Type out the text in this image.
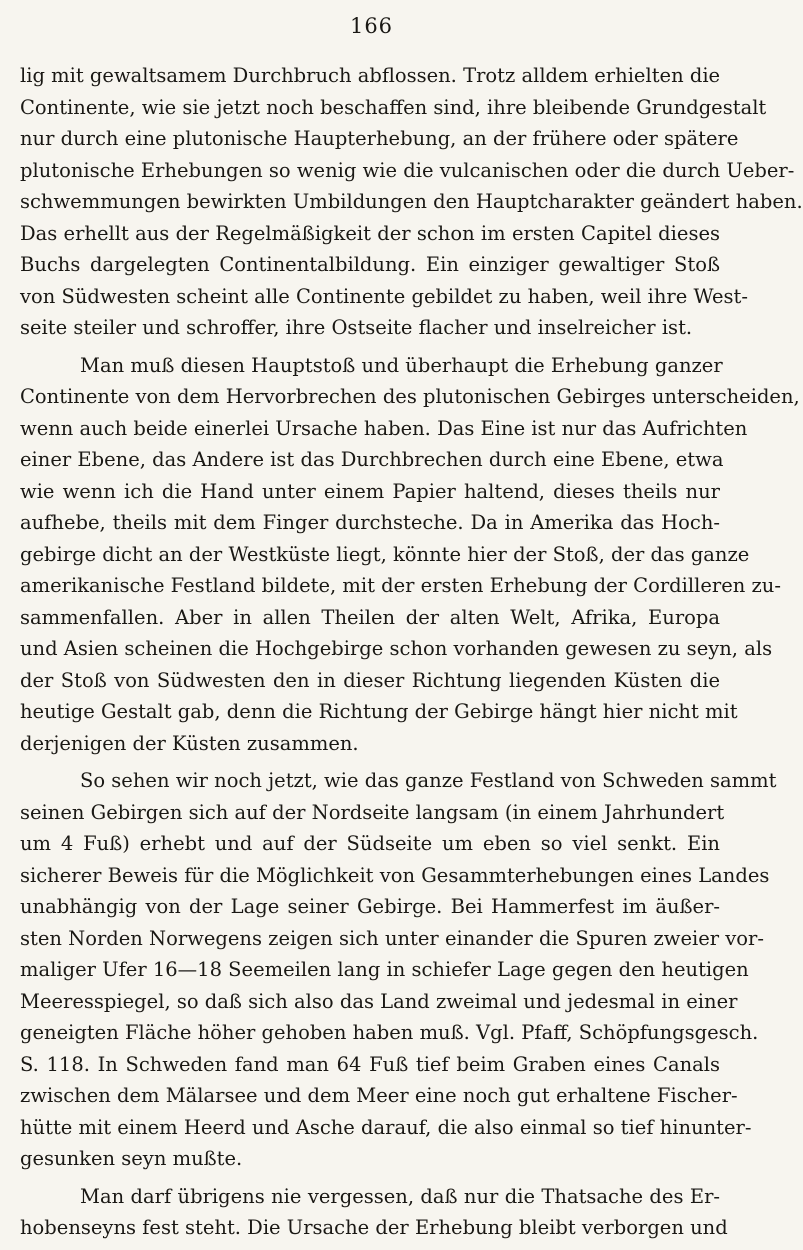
166
lig mit gewaltsamem Durchbruch abflossen. Trotz alldem erhielten die
Continente, wie sie jetzt noch beschaffen sind, ihre bleibende Grundgestalt
nur durch eine plutonische Haupterhebung, an der frühere oder spätere
plutonische Erhebungen so wenig wie die vulcanischen oder die durch Ueber-
schwemmungen bewirkten Umbildungen den Hauptcharakter geändert haben.
Das erhellt aus der Regelmäßigkeit der schon im ersten Capitel dieses
Buchs dargelegten Continentalbildung. Ein einziger gewaltiger Stoß
von Südwesten scheint alle Continente gebildet zu haben, weil ihre West-
seite steiler und schroffer, ihre Ostseite flacher und inselreicher ist.
Man muß diesen Hauptstoß und überhaupt die Erhebung ganzer
Continente von dem Hervorbrechen des plutonischen Gebirges unterscheiden,
wenn auch beide einerlei Ursache haben. Das Eine ist nur das Aufrichten
einer Ebene, das Andere ist das Durchbrechen durch eine Ebene, etwa
wie wenn ich die Hand unter einem Papier haltend, dieses theils nur
aufhebe, theils mit dem Finger durchsteche. Da in Amerika das Hoch-
gebirge dicht an der Westküste liegt, könnte hier der Stoß, der das ganze
amerikanische Festland bildete, mit der ersten Erhebung der Cordilleren zu-
sammenfallen. Aber in allen Theilen der alten Welt, Afrika, Europa
und Asien scheinen die Hochgebirge schon vorhanden gewesen zu seyn, als
der Stoß von Südwesten den in dieser Richtung liegenden Küsten die
heutige Gestalt gab, denn die Richtung der Gebirge hängt hier nicht mit
derjenigen der Küsten zusammen.
So sehen wir noch jetzt, wie das ganze Festland von Schweden sammt
seinen Gebirgen sich auf der Nordseite langsam (in einem Jahrhundert
um 4 Fuß) erhebt und auf der Südseite um eben so viel senkt. Ein
sicherer Beweis für die Möglichkeit von Gesammterhebungen eines Landes
unabhängig von der Lage seiner Gebirge. Bei Hammerfest im äußer-
sten Norden Norwegens zeigen sich unter einander die Spuren zweier vor-
maliger Ufer 16—18 Seemeilen lang in schiefer Lage gegen den heutigen
Meeresspiegel, so daß sich also das Land zweimal und jedesmal in einer
geneigten Fläche höher gehoben haben muß. Vgl. Pfaff, Schöpfungsgesch.
S. 118. In Schweden fand man 64 Fuß tief beim Graben eines Canals
zwischen dem Mälarsee und dem Meer eine noch gut erhaltene Fischer-
hütte mit einem Heerd und Asche darauf, die also einmal so tief hinunter-
gesunken seyn mußte.
Man darf übrigens nie vergessen, daß nur die Thatsache des Er-
hobenseyns fest steht. Die Ursache der Erhebung bleibt verborgen und
